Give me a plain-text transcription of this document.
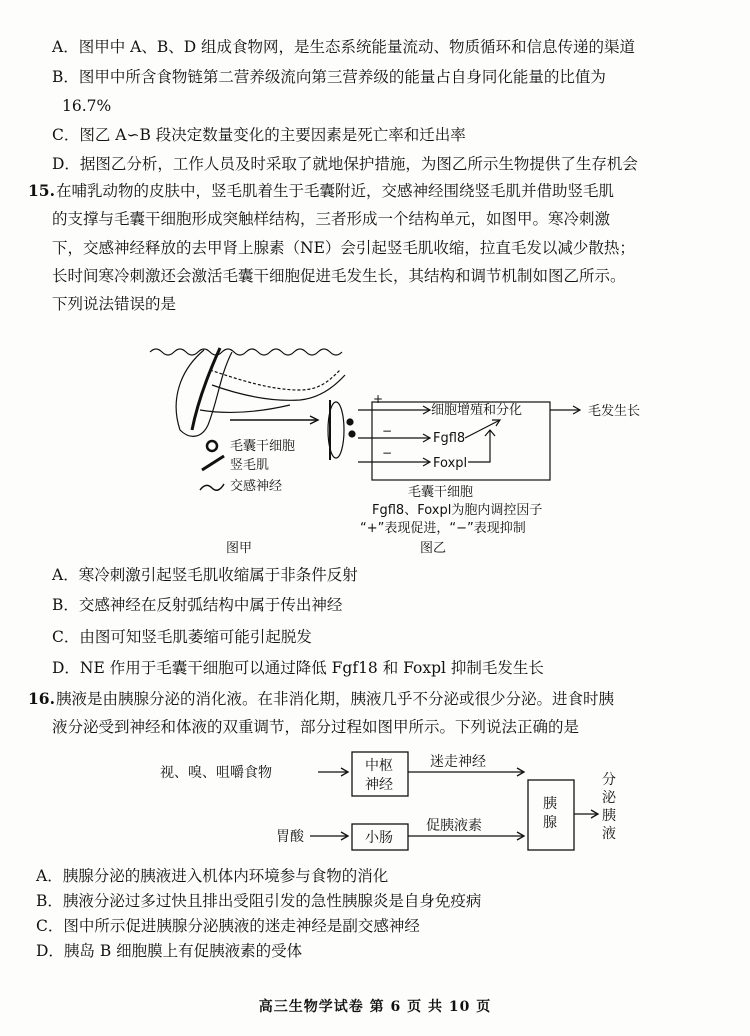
A．图甲中 A、B、D 组成食物网，是生态系统能量流动、物质循环和信息传递的渠道
B．图甲中所含食物链第二营养级流向第三营养级的能量占自身同化能量的比值为
16.7%
C．图乙 A∽B 段决定数量变化的主要因素是死亡率和迁出率
D．据图乙分析，工作人员及时采取了就地保护措施，为图乙所示生物提供了生存机会
15. 在哺乳动物的皮肤中，竖毛肌着生于毛囊附近，交感神经围绕竖毛肌并借助竖毛肌
的支撑与毛囊干细胞形成突触样结构，三者形成一个结构单元，如图甲。寒冷刺激
下，交感神经释放的去甲肾上腺素（NE）会引起竖毛肌收缩，拉直毛发以减少散热；
长时间寒冷刺激还会激活毛囊干细胞促进毛发生长，其结构和调节机制如图乙所示。
下列说法错误的是
+
−
−
细胞增殖和分化
Fgfl8
Foxpl
毛发生长
毛囊干细胞
竖毛肌
交感神经	毛囊干细胞
Fgfl8、Foxpl为胞内调控因子
“+”表现促进，“−”表现抑制
图甲	图乙
A．寒冷刺激引起竖毛肌收缩属于非条件反射
B．交感神经在反射弧结构中属于传出神经
C．由图可知竖毛肌萎缩可能引起脱发
D．NE 作用于毛囊干细胞可以通过降低 Fgf18 和 Foxpl 抑制毛发生长
16. 胰液是由胰腺分泌的消化液。在非消化期，胰液几乎不分泌或很少分泌。进食时胰
液分泌受到神经和体液的双重调节，部分过程如图甲所示。下列说法正确的是
视、嗅、咀嚼食物	中枢
神经
迷走神经
胃酸	小肠
促胰液素
胰
腺
分
泌
胰
液
A．胰腺分泌的胰液进入机体内环境参与食物的消化
B．胰液分泌过多过快且排出受阻引发的急性胰腺炎是自身免疫病
C．图中所示促进胰腺分泌胰液的迷走神经是副交感神经
D．胰岛 B 细胞膜上有促胰液素的受体
高三生物学试卷 第 6 页 共 10 页
